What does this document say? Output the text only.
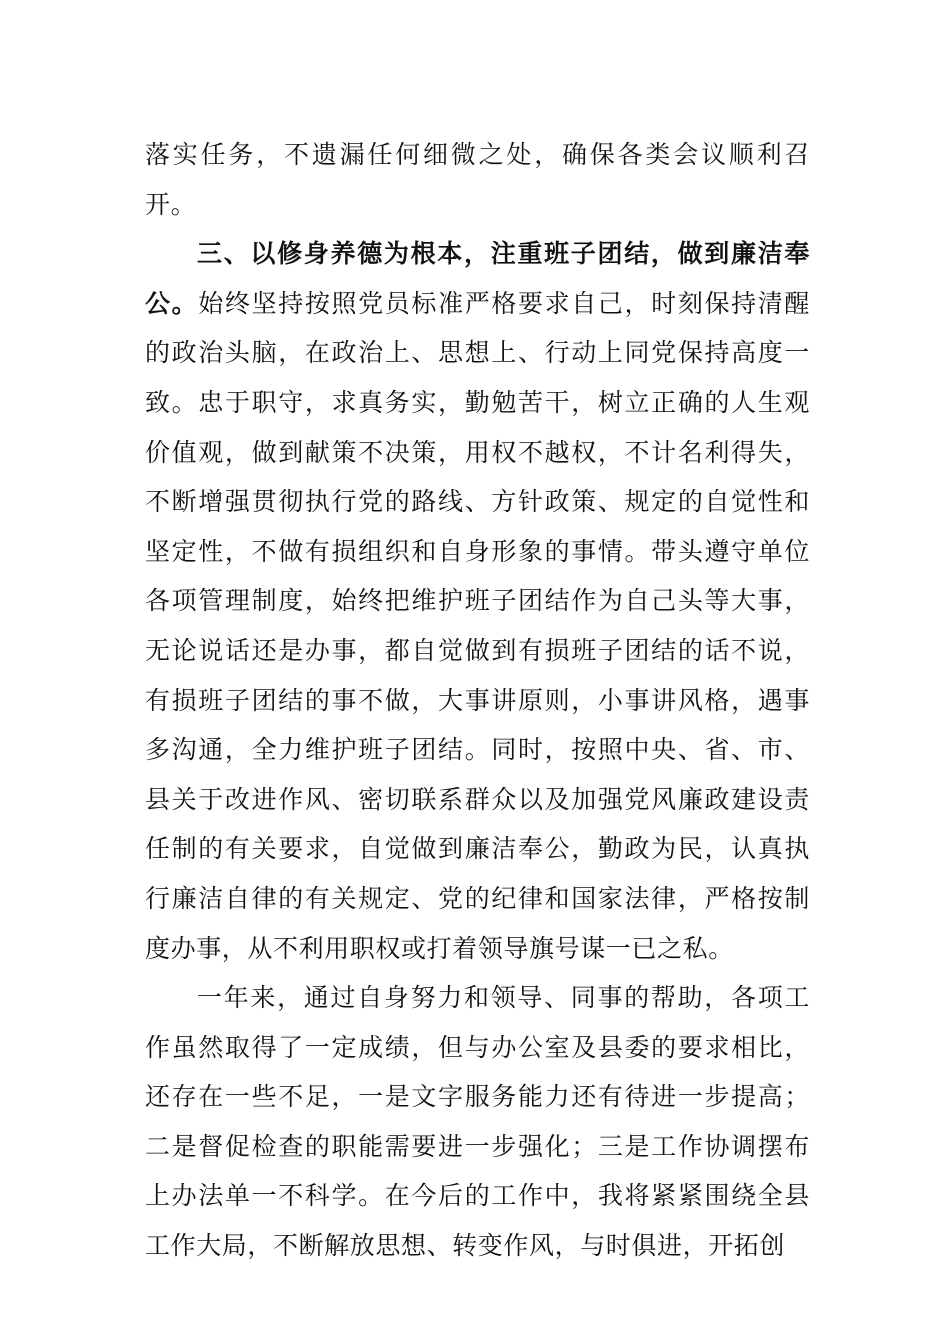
落实任务，不遗漏任何细微之处，确保各类会议顺利召开。

三、以修身养德为根本，注重班子团结，做到廉洁奉公。始终坚持按照党员标准严格要求自己，时刻保持清醒的政治头脑，在政治上、思想上、行动上同党保持高度一致。忠于职守，求真务实，勤勉苦干，树立正确的人生观价值观，做到献策不决策，用权不越权，不计名利得失，不断增强贯彻执行党的路线、方针政策、规定的自觉性和坚定性，不做有损组织和自身形象的事情。带头遵守单位各项管理制度，始终把维护班子团结作为自己头等大事，无论说话还是办事，都自觉做到有损班子团结的话不说，有损班子团结的事不做，大事讲原则，小事讲风格，遇事多沟通，全力维护班子团结。同时，按照中央、省、市、县关于改进作风、密切联系群众以及加强党风廉政建设责任制的有关要求，自觉做到廉洁奉公，勤政为民，认真执行廉洁自律的有关规定、党的纪律和国家法律，严格按制度办事，从不利用职权或打着领导旗号谋一已之私。

一年来，通过自身努力和领导、同事的帮助，各项工作虽然取得了一定成绩，但与办公室及县委的要求相比，还存在一些不足，一是文字服务能力还有待进一步提高；二是督促检查的职能需要进一步强化；三是工作协调摆布上办法单一不科学。在今后的工作中，我将紧紧围绕全县工作大局，不断解放思想、转变作风，与时俱进，开拓创
